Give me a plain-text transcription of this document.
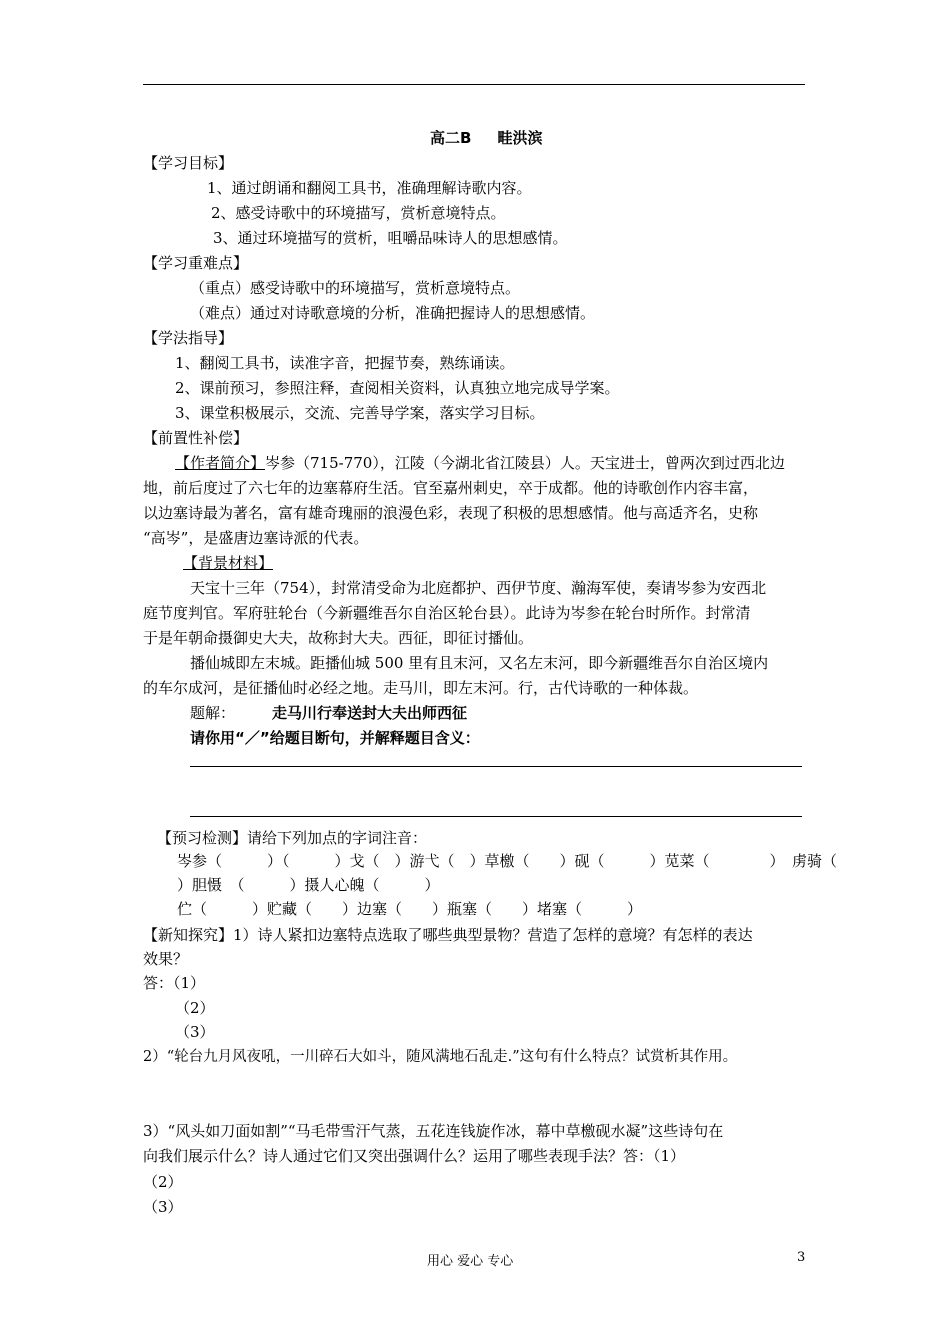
高二B 畦洪滨
【学习目标】
1、通过朗诵和翻阅工具书，准确理解诗歌内容。
2、感受诗歌中的环境描写，赏析意境特点。
3、通过环境描写的赏析，咀嚼品味诗人的思想感情。
【学习重难点】
（重点）感受诗歌中的环境描写，赏析意境特点。
（难点）通过对诗歌意境的分析，准确把握诗人的思想感情。
【学法指导】
1、翻阅工具书，读准字音，把握节奏，熟练诵读。
2、课前预习，参照注释，查阅相关资料，认真独立地完成导学案。
3、课堂积极展示，交流、完善导学案，落实学习目标。
【前置性补偿】
【作者简介】岑参（715-770），江陵（今湖北省江陵县）人。天宝进士，曾两次到过西北边
地，前后度过了六七年的边塞幕府生活。官至嘉州刺史，卒于成都。他的诗歌创作内容丰富，
以边塞诗最为著名，富有雄奇瑰丽的浪漫色彩，表现了积极的思想感情。他与高适齐名，史称
“高岑”，是盛唐边塞诗派的代表。
【背景材料】
天宝十三年（754），封常清受命为北庭都护、西伊节度、瀚海军使，奏请岑参为安西北
庭节度判官。军府驻轮台（今新疆维吾尔自治区轮台县）。此诗为岑参在轮台时所作。封常清
于是年朝命摄御史大夫，故称封大夫。西征，即征讨播仙。
播仙城即左末城。距播仙城 500 里有且末河，又名左末河，即今新疆维吾尔自治区境内
的车尔成河，是征播仙时必经之地。走马川，即左末河。行，古代诗歌的一种体裁。
题解： 走马川行奉送封大夫出师西征
请你用“／”给题目断句，并解释题目含义：
【预习检测】请给下列加点的字词注音：
岑参（　　　）（　　　）戈（　）游弋（　）草檄（　　）砚（　　　）苋菜（　　　　）　虏骑（
）胆慑　（　　　）摄人心魄（　　　）
伫（　　　）贮藏（　　）边塞（　　）瓶塞（　　）堵塞（　　　）
【新知探究】1）诗人紧扣边塞特点选取了哪些典型景物？营造了怎样的意境？有怎样的表达
效果？
答：（1）
（2）
（3）
2）“轮台九月风夜吼，一川碎石大如斗，随风满地石乱走.”这句有什么特点？试赏析其作用。
3）“风头如刀面如割”“马毛带雪汗气蒸，五花连钱旋作冰，幕中草檄砚水凝”这些诗句在
向我们展示什么？诗人通过它们又突出强调什么？运用了哪些表现手法？答：（1）
（2）
（3）
用心 爱心 专心	3
